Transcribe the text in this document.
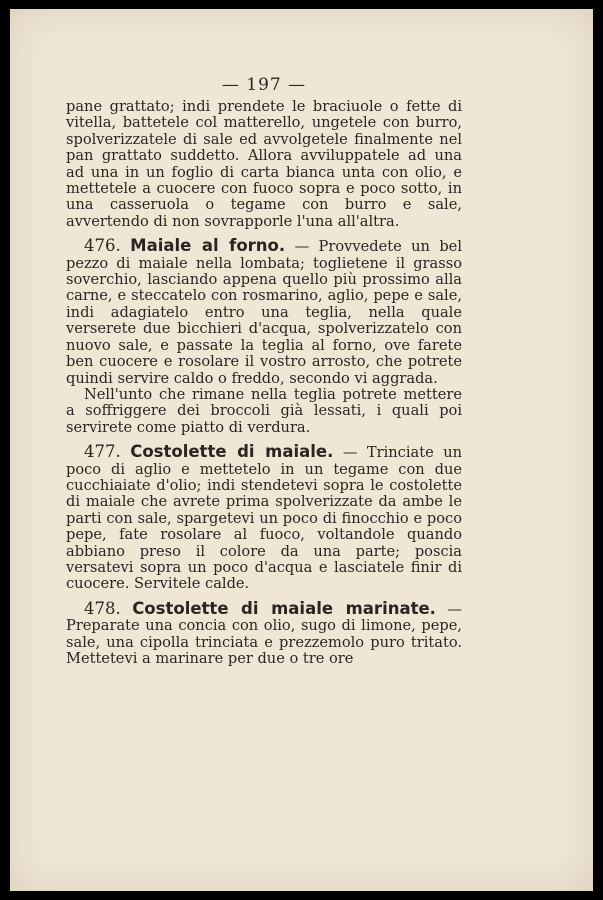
— 197 —

pane grattato; indi prendete le braciuole o fette di vitella, battetele col matterello, ungetele con burro, spolverizzatele di sale ed avvolgetele finalmente nel pan grattato suddetto. Allora avviluppatele ad una ad una in un foglio di carta bianca unta con olio, e mettetele a cuocere con fuoco sopra e poco sotto, in una casseruola o tegame con burro e sale, avvertendo di non sovrapporle l'una all'altra.

476. Maiale al forno. — Provvedete un bel pezzo di maiale nella lombata; toglietene il grasso soverchio, lasciando appena quello più prossimo alla carne, e steccatelo con rosmarino, aglio, pepe e sale, indi adagiatelo entro una teglia, nella quale verserete due bicchieri d'acqua, spolverizzatelo con nuovo sale, e passate la teglia al forno, ove farete ben cuocere e rosolare il vostro arrosto, che potrete quindi servire caldo o freddo, secondo vi aggrada.

Nell'unto che rimane nella teglia potrete mettere a soffriggere dei broccoli già lessati, i quali poi servirete come piatto di verdura.

477. Costolette di maiale. — Trinciate un poco di aglio e mettetelo in un tegame con due cucchiaiate d'olio; indi stendetevi sopra le costolette di maiale che avrete prima spolverizzate da ambe le parti con sale, spargetevi un poco di finocchio e poco pepe, fate rosolare al fuoco, voltandole quando abbiano preso il colore da una parte; poscia versatevi sopra un poco d'acqua e lasciatele finir di cuocere. Servitele calde.

478. Costolette di maiale marinate. — Preparate una concia con olio, sugo di limone, pepe, sale, una cipolla trinciata e prezzemolo puro tritato. Mettetevi a marinare per due o tre ore
